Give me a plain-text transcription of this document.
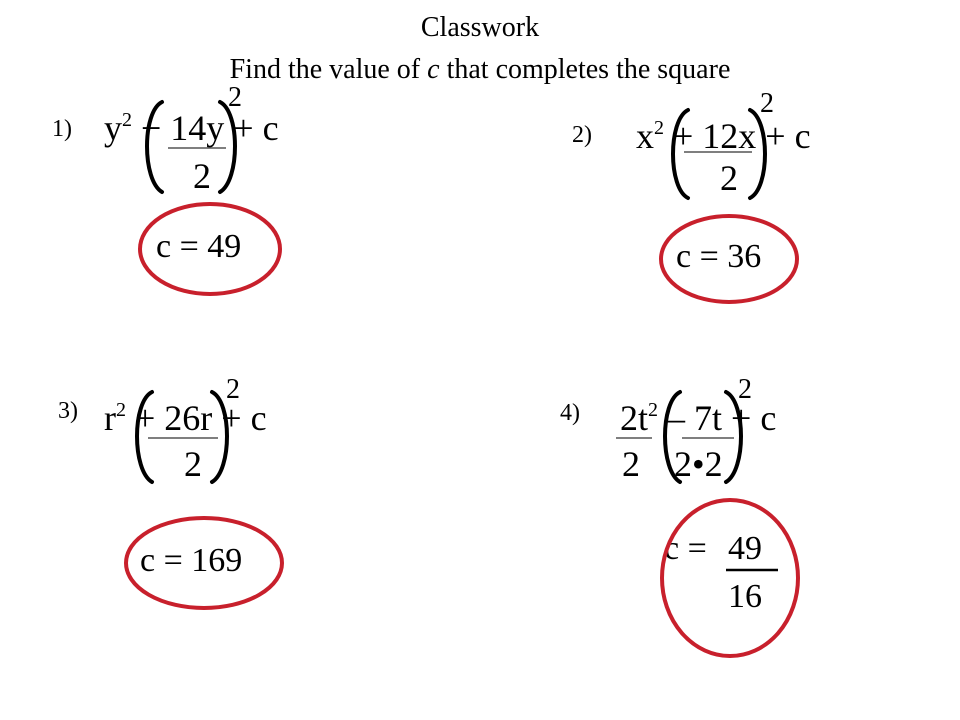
Classwork
Find the value of c that completes the square
1) $y^2 - 14y + c$
2
2
c = 49
2) $x^2 + 12x + c$
2
2
c = 36
3) $r^2 + 26r + c$
2
2
c = 169
4) $2t^2 - 7t + c$
2
2 2•2
c = 49
16
